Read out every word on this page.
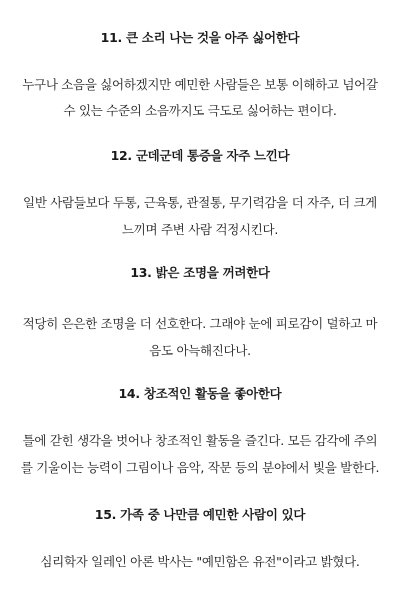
11. 큰 소리 나는 것을 아주 싫어한다
누구나 소음을 싫어하겠지만 예민한 사람들은 보통 이해하고 넘어갈
수 있는 수준의 소음까지도 극도로 싫어하는 편이다.
12. 군데군데 통증을 자주 느낀다
일반 사람들보다 두통, 근육통, 관절통, 무기력감을 더 자주, 더 크게
느끼며 주변 사람 걱정시킨다.
13. 밝은 조명을 꺼려한다
적당히 은은한 조명을 더 선호한다. 그래야 눈에 피로감이 덜하고 마
음도 아늑해진다나.
14. 창조적인 활동을 좋아한다
틀에 갇힌 생각을 벗어나 창조적인 활동을 즐긴다. 모든 감각에 주의
를 기울이는 능력이 그림이나 음악, 작문 등의 분야에서 빛을 발한다.
15. 가족 중 나만큼 예민한 사람이 있다
심리학자 일레인 아론 박사는 "예민함은 유전"이라고 밝혔다.
